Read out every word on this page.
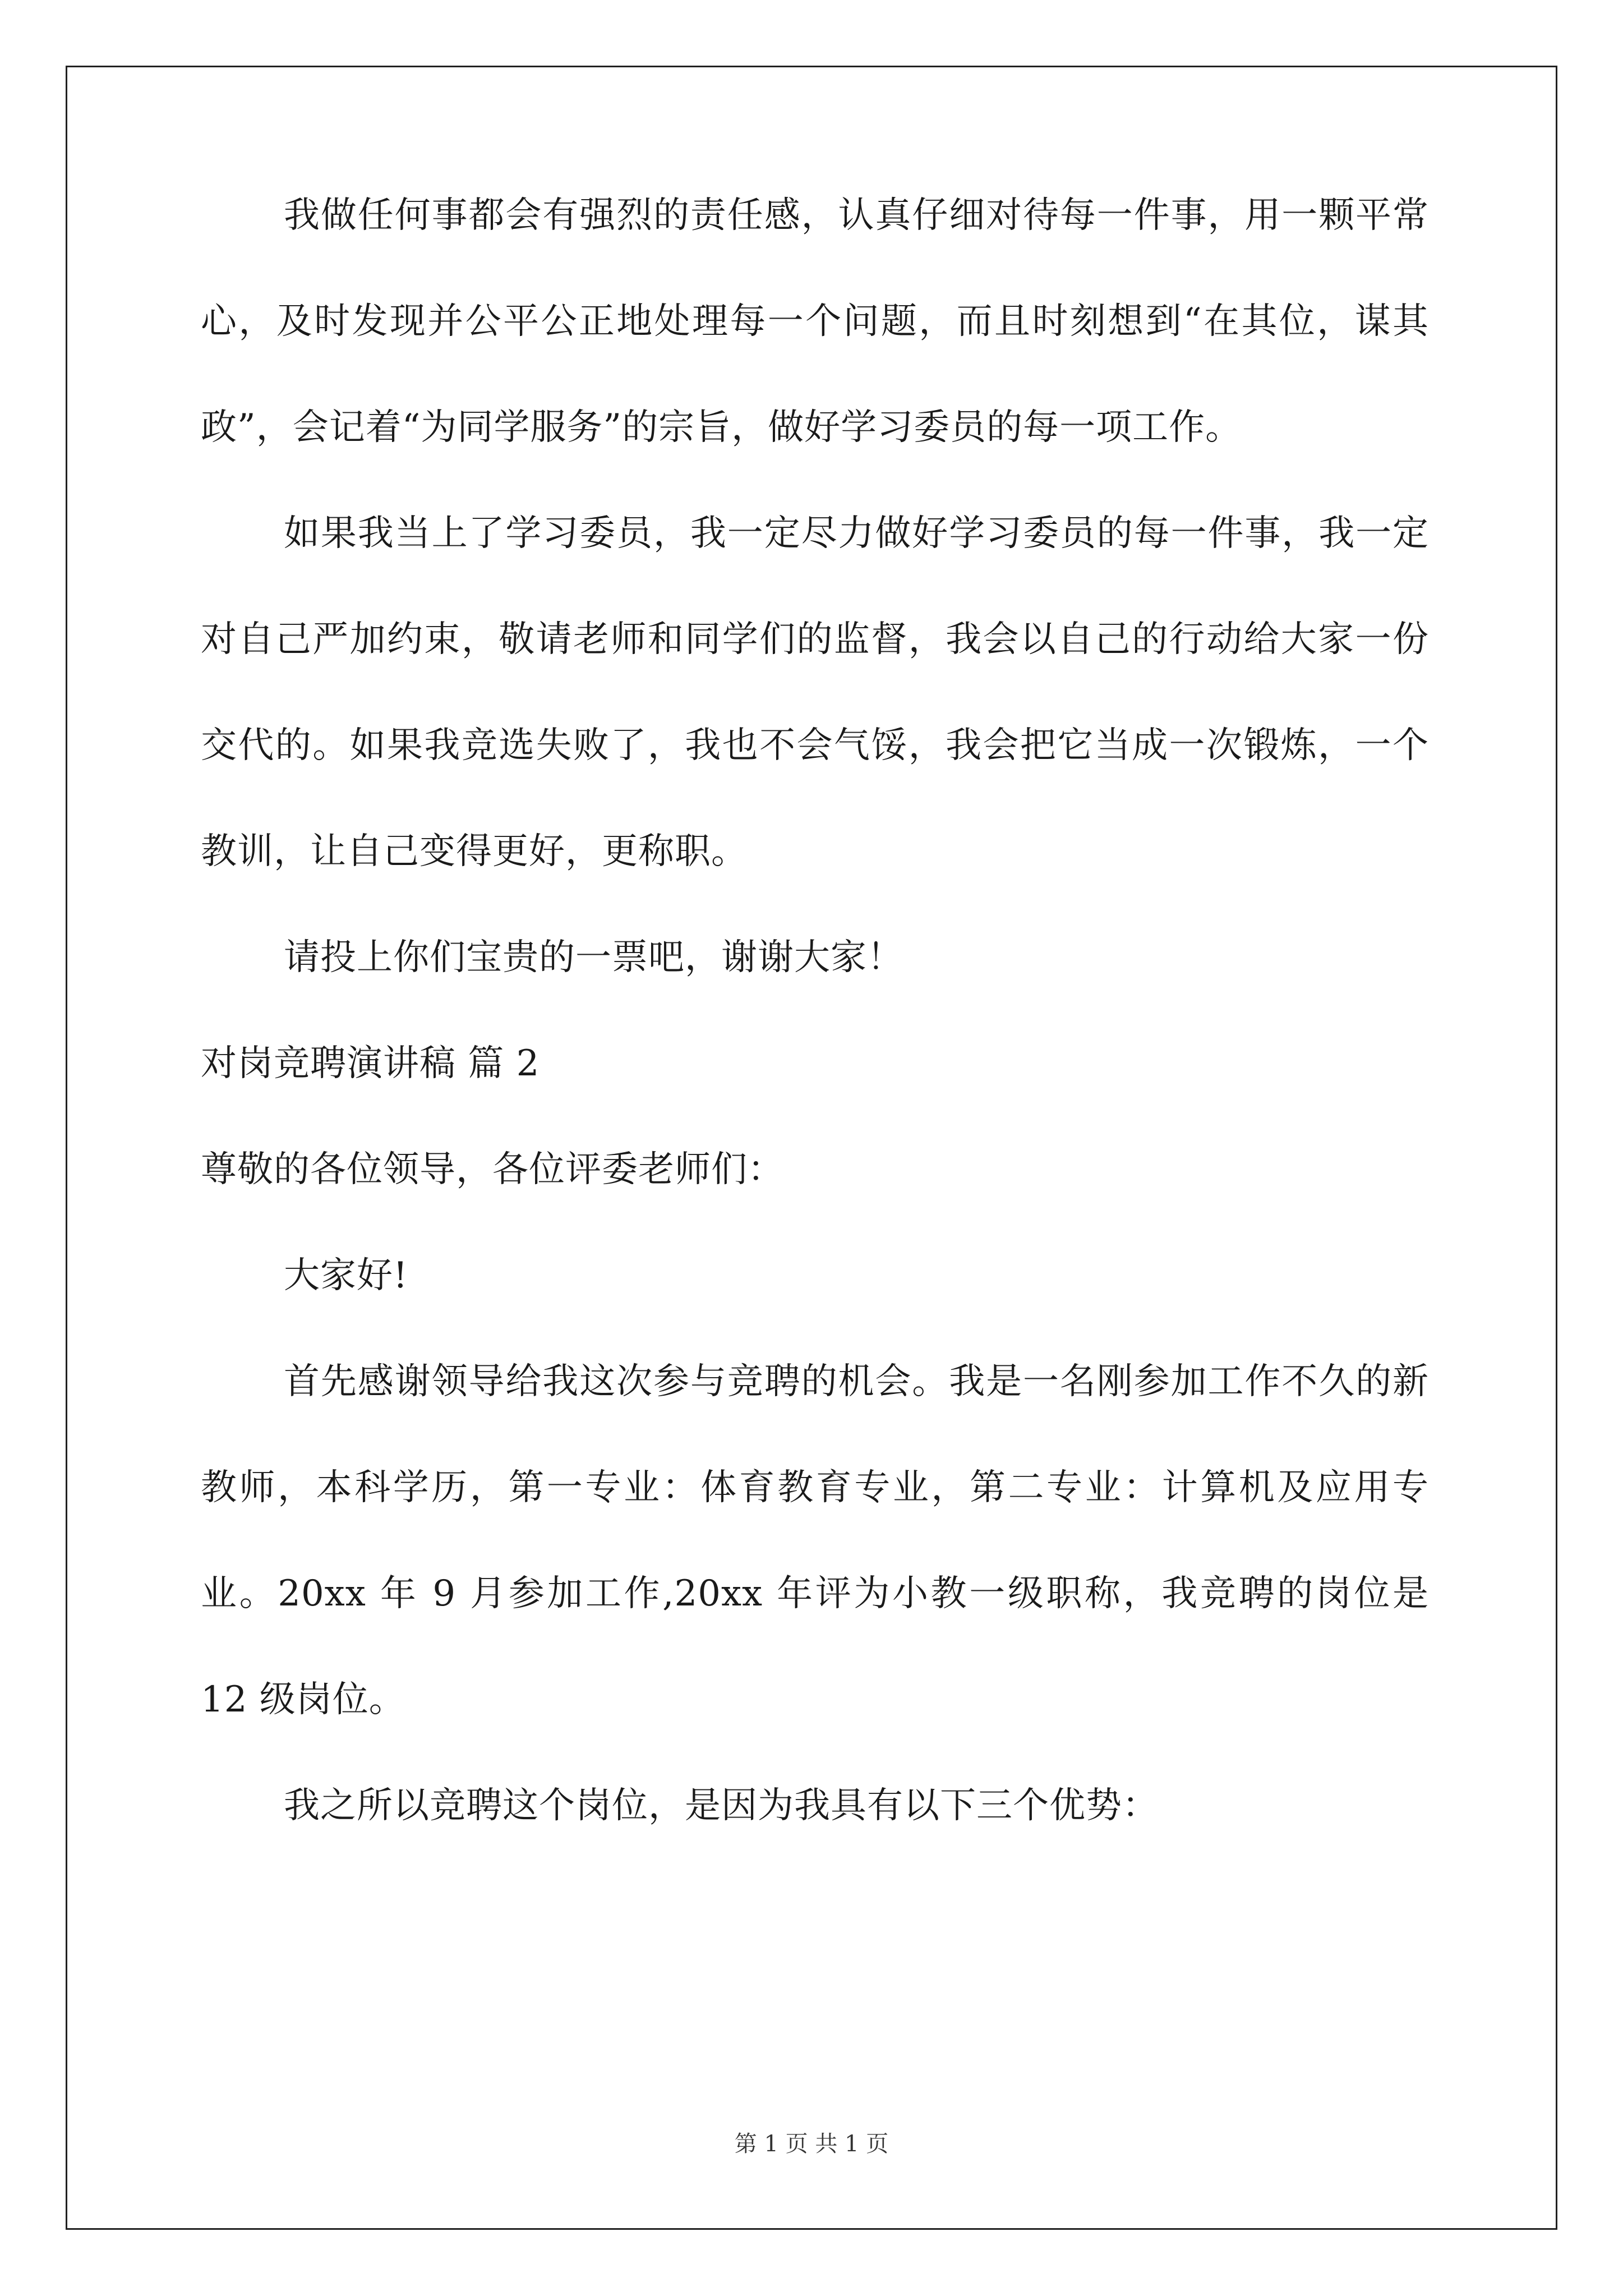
我做任何事都会有强烈的责任感，认真仔细对待每一件事，用一颗平常心，及时发现并公平公正地处理每一个问题，而且时刻想到“在其位，谋其政”，会记着“为同学服务”的宗旨，做好学习委员的每一项工作。

如果我当上了学习委员，我一定尽力做好学习委员的每一件事，我一定对自己严加约束，敬请老师和同学们的监督，我会以自己的行动给大家一份交代的。如果我竞选失败了，我也不会气馁，我会把它当成一次锻炼，一个教训，让自己变得更好，更称职。

请投上你们宝贵的一票吧，谢谢大家！

对岗竞聘演讲稿 篇 2

尊敬的各位领导，各位评委老师们：

大家好!

首先感谢领导给我这次参与竞聘的机会。我是一名刚参加工作不久的新教师，本科学历，第一专业：体育教育专业，第二专业：计算机及应用专业。20xx 年 9 月参加工作,20xx 年评为小教一级职称，我竞聘的岗位是 12 级岗位。

我之所以竞聘这个岗位，是因为我具有以下三个优势：

第 1 页 共 1 页
